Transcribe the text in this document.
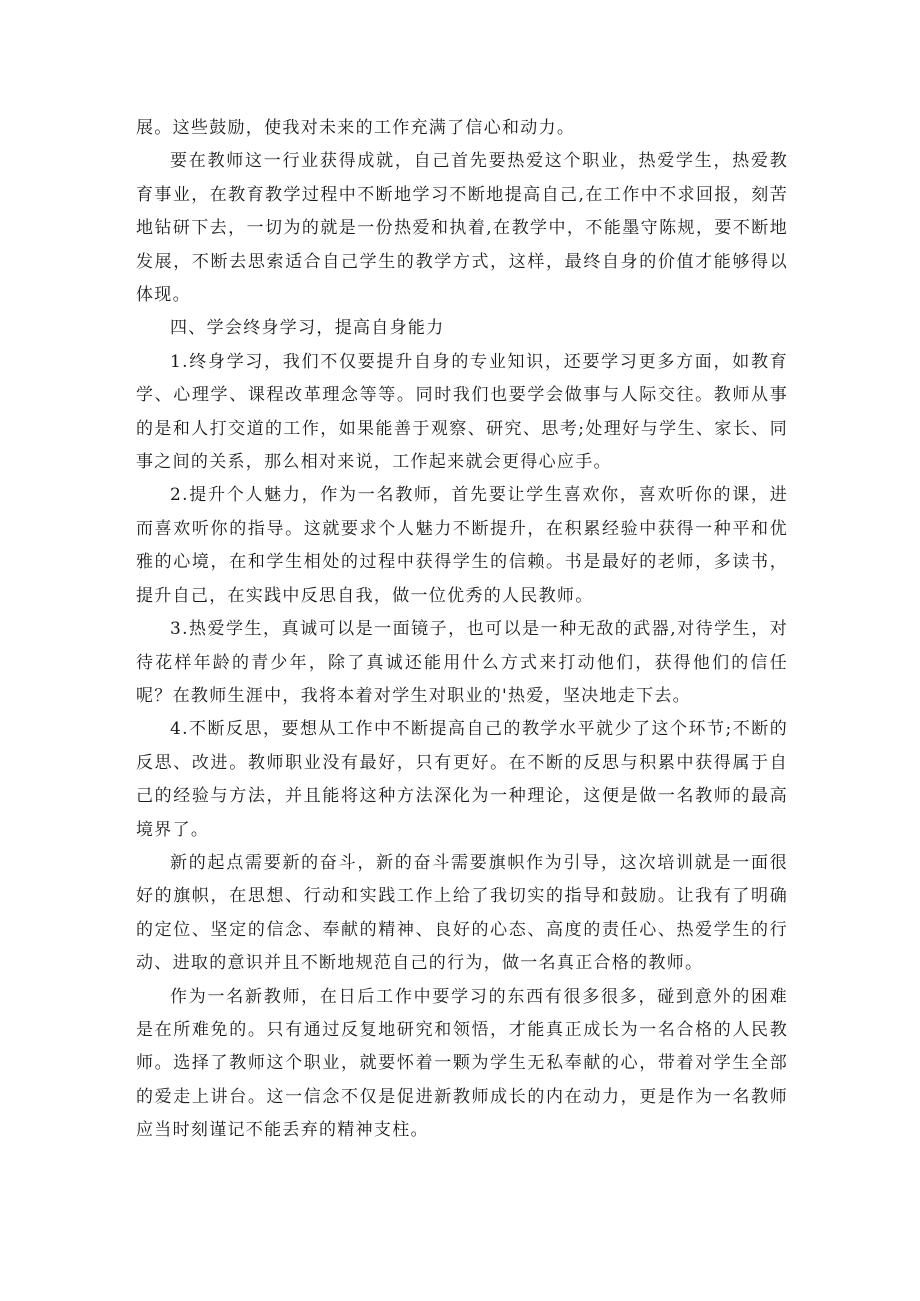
展。这些鼓励，使我对未来的工作充满了信心和动力。

要在教师这一行业获得成就，自己首先要热爱这个职业，热爱学生，热爱教育事业，在教育教学过程中不断地学习不断地提高自己,在工作中不求回报，刻苦地钻研下去，一切为的就是一份热爱和执着,在教学中，不能墨守陈规，要不断地发展，不断去思索适合自己学生的教学方式，这样，最终自身的价值才能够得以体现。

四、学会终身学习，提高自身能力

1.终身学习，我们不仅要提升自身的专业知识，还要学习更多方面，如教育学、心理学、课程改革理念等等。同时我们也要学会做事与人际交往。教师从事的是和人打交道的工作，如果能善于观察、研究、思考;处理好与学生、家长、同事之间的关系，那么相对来说，工作起来就会更得心应手。

2.提升个人魅力，作为一名教师，首先要让学生喜欢你，喜欢听你的课，进而喜欢听你的指导。这就要求个人魅力不断提升，在积累经验中获得一种平和优雅的心境，在和学生相处的过程中获得学生的信赖。书是最好的老师，多读书，提升自己，在实践中反思自我，做一位优秀的人民教师。

3.热爱学生，真诚可以是一面镜子，也可以是一种无敌的武器,对待学生，对待花样年龄的青少年，除了真诚还能用什么方式来打动他们，获得他们的信任呢？在教师生涯中，我将本着对学生对职业的'热爱，坚决地走下去。

4.不断反思，要想从工作中不断提高自己的教学水平就少了这个环节;不断的反思、改进。教师职业没有最好，只有更好。在不断的反思与积累中获得属于自己的经验与方法，并且能将这种方法深化为一种理论，这便是做一名教师的最高境界了。

新的起点需要新的奋斗，新的奋斗需要旗帜作为引导，这次培训就是一面很好的旗帜，在思想、行动和实践工作上给了我切实的指导和鼓励。让我有了明确的定位、坚定的信念、奉献的精神、良好的心态、高度的责任心、热爱学生的行动、进取的意识并且不断地规范自己的行为，做一名真正合格的教师。

作为一名新教师，在日后工作中要学习的东西有很多很多，碰到意外的困难是在所难免的。只有通过反复地研究和领悟，才能真正成长为一名合格的人民教师。选择了教师这个职业，就要怀着一颗为学生无私奉献的心，带着对学生全部的爱走上讲台。这一信念不仅是促进新教师成长的内在动力，更是作为一名教师应当时刻谨记不能丢弃的精神支柱。
